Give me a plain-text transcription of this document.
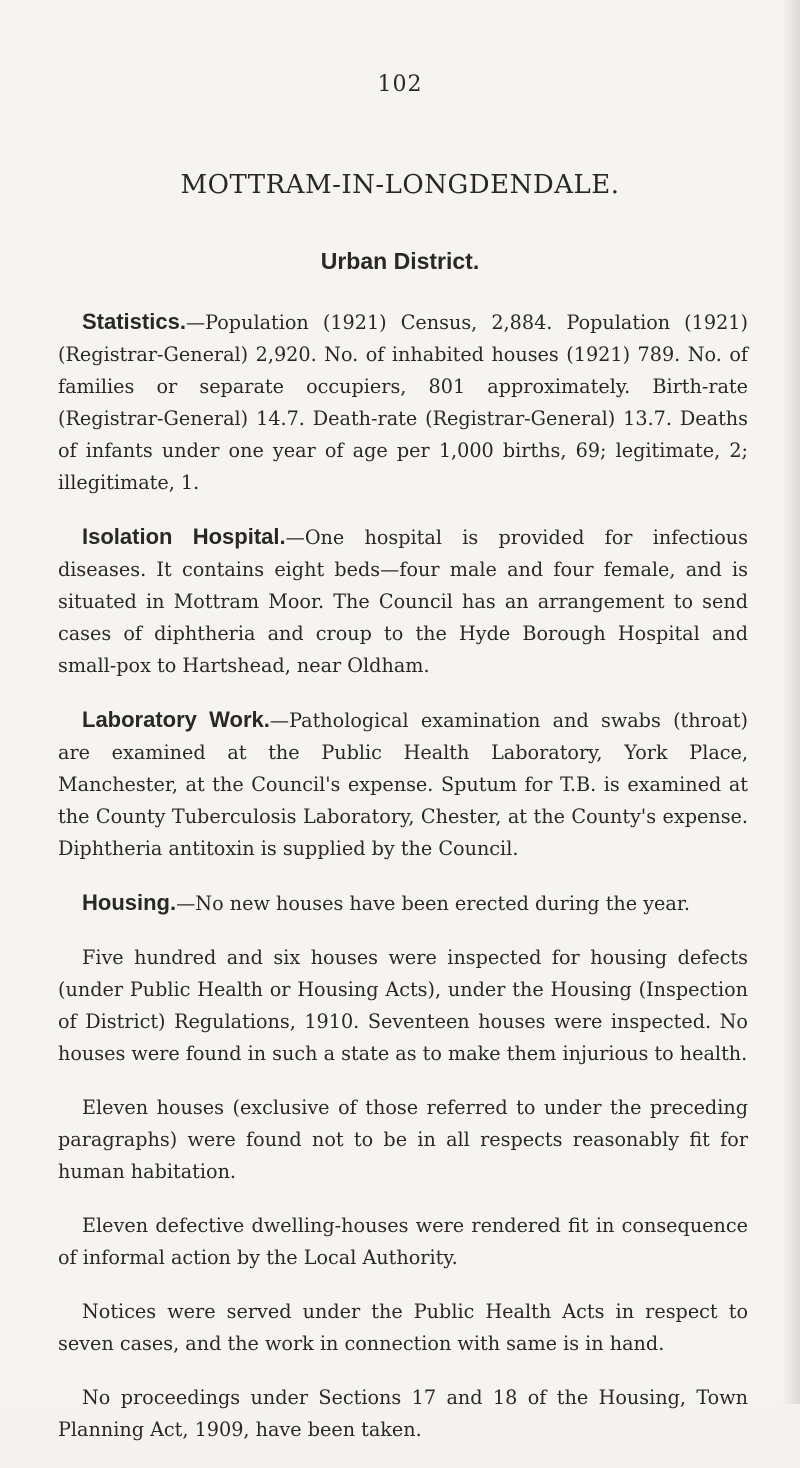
102
MOTTRAM-IN-LONGDENDALE.
Urban District.

Statistics.—Population (1921) Census, 2,884. Population (1921) (Registrar-General) 2,920. No. of inhabited houses (1921) 789. No. of families or separate occupiers, 801 approximately. Birth-rate (Registrar-General) 14.7. Death-rate (Registrar-General) 13.7. Deaths of infants under one year of age per 1,000 births, 69; legitimate, 2; illegitimate, 1.

Isolation Hospital.—One hospital is provided for infectious diseases. It contains eight beds—four male and four female, and is situated in Mottram Moor. The Council has an arrangement to send cases of diphtheria and croup to the Hyde Borough Hospital and small-pox to Hartshead, near Oldham.

Laboratory Work.—Pathological examination and swabs (throat) are examined at the Public Health Laboratory, York Place, Manchester, at the Council's expense. Sputum for T.B. is examined at the County Tuberculosis Laboratory, Chester, at the County's expense. Diphtheria antitoxin is supplied by the Council.

Housing.—No new houses have been erected during the year.

Five hundred and six houses were inspected for housing defects (under Public Health or Housing Acts), under the Housing (Inspection of District) Regulations, 1910. Seventeen houses were inspected. No houses were found in such a state as to make them injurious to health.

Eleven houses (exclusive of those referred to under the preceding paragraphs) were found not to be in all respects reasonably fit for human habitation.

Eleven defective dwelling-houses were rendered fit in consequence of informal action by the Local Authority.

Notices were served under the Public Health Acts in respect to seven cases, and the work in connection with same is in hand.

No proceedings under Sections 17 and 18 of the Housing, Town Planning Act, 1909, have been taken.
